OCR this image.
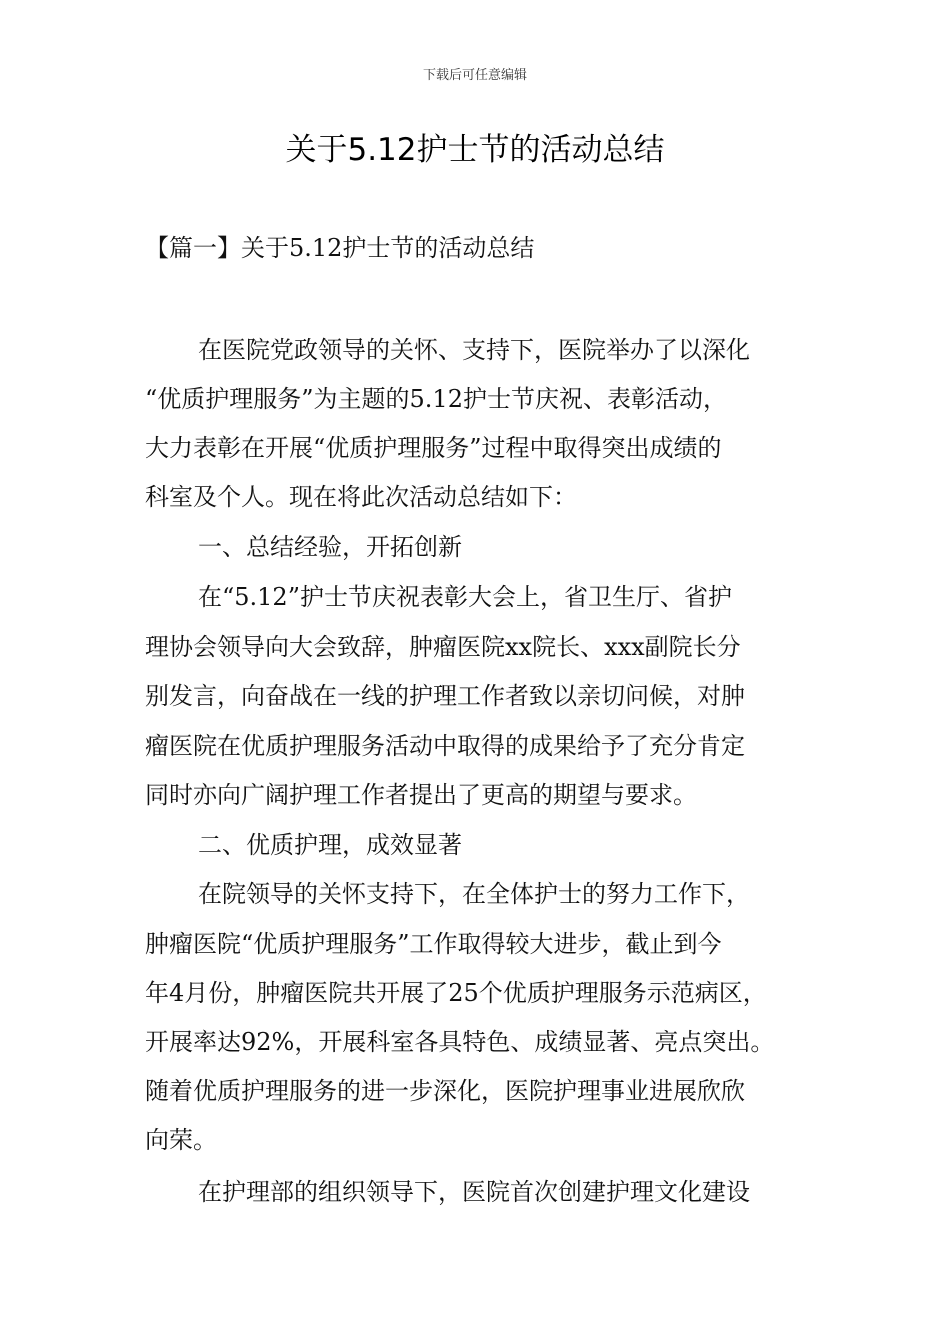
下载后可任意编辑
关于5.12护士节的活动总结
【篇一】关于5.12护士节的活动总结
在医院党政领导的关怀、支持下，医院举办了以深化
“优质护理服务”为主题的5.12护士节庆祝、表彰活动，
大力表彰在开展“优质护理服务”过程中取得突出成绩的
科室及个人。现在将此次活动总结如下：
一、总结经验，开拓创新
在“5.12”护士节庆祝表彰大会上，省卫生厅、省护
理协会领导向大会致辞，肿瘤医院xx院长、xxx副院长分
别发言，向奋战在一线的护理工作者致以亲切问候，对肿
瘤医院在优质护理服务活动中取得的成果给予了充分肯定
同时亦向广阔护理工作者提出了更高的期望与要求。
二、优质护理，成效显著
在院领导的关怀支持下，在全体护士的努力工作下，
肿瘤医院“优质护理服务”工作取得较大进步，截止到今
年4月份，肿瘤医院共开展了25个优质护理服务示范病区，
开展率达92%，开展科室各具特色、成绩显著、亮点突出。
随着优质护理服务的进一步深化，医院护理事业进展欣欣
向荣。
在护理部的组织领导下，医院首次创建护理文化建设
